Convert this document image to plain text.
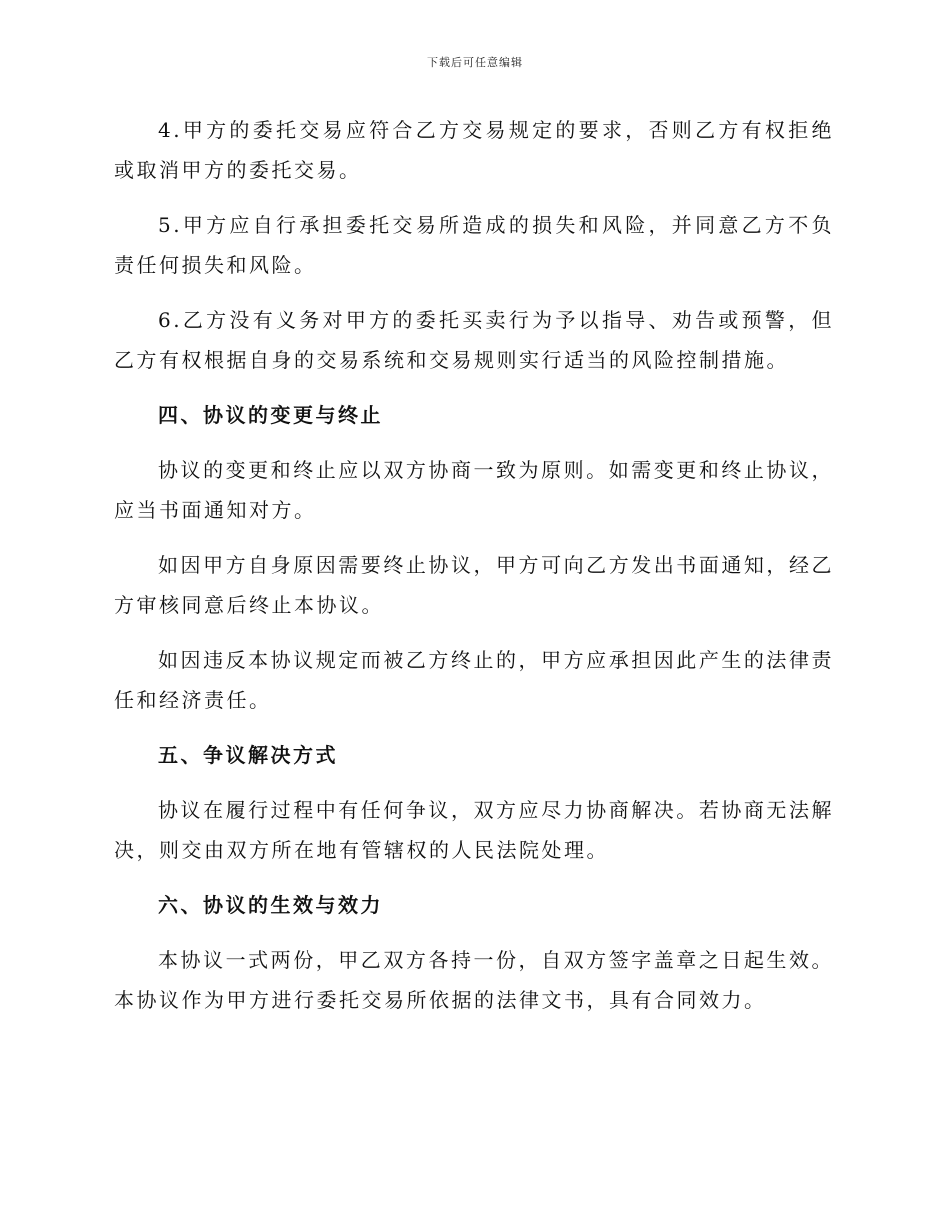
下载后可任意编辑

4.甲方的委托交易应符合乙方交易规定的要求，否则乙方有权拒绝或取消甲方的委托交易。

5.甲方应自行承担委托交易所造成的损失和风险，并同意乙方不负责任何损失和风险。

6.乙方没有义务对甲方的委托买卖行为予以指导、劝告或预警，但乙方有权根据自身的交易系统和交易规则实行适当的风险控制措施。

四、协议的变更与终止

协议的变更和终止应以双方协商一致为原则。如需变更和终止协议，应当书面通知对方。

如因甲方自身原因需要终止协议，甲方可向乙方发出书面通知，经乙方审核同意后终止本协议。

如因违反本协议规定而被乙方终止的，甲方应承担因此产生的法律责任和经济责任。

五、争议解决方式

协议在履行过程中有任何争议，双方应尽力协商解决。若协商无法解决，则交由双方所在地有管辖权的人民法院处理。

六、协议的生效与效力

本协议一式两份，甲乙双方各持一份，自双方签字盖章之日起生效。本协议作为甲方进行委托交易所依据的法律文书，具有合同效力。
